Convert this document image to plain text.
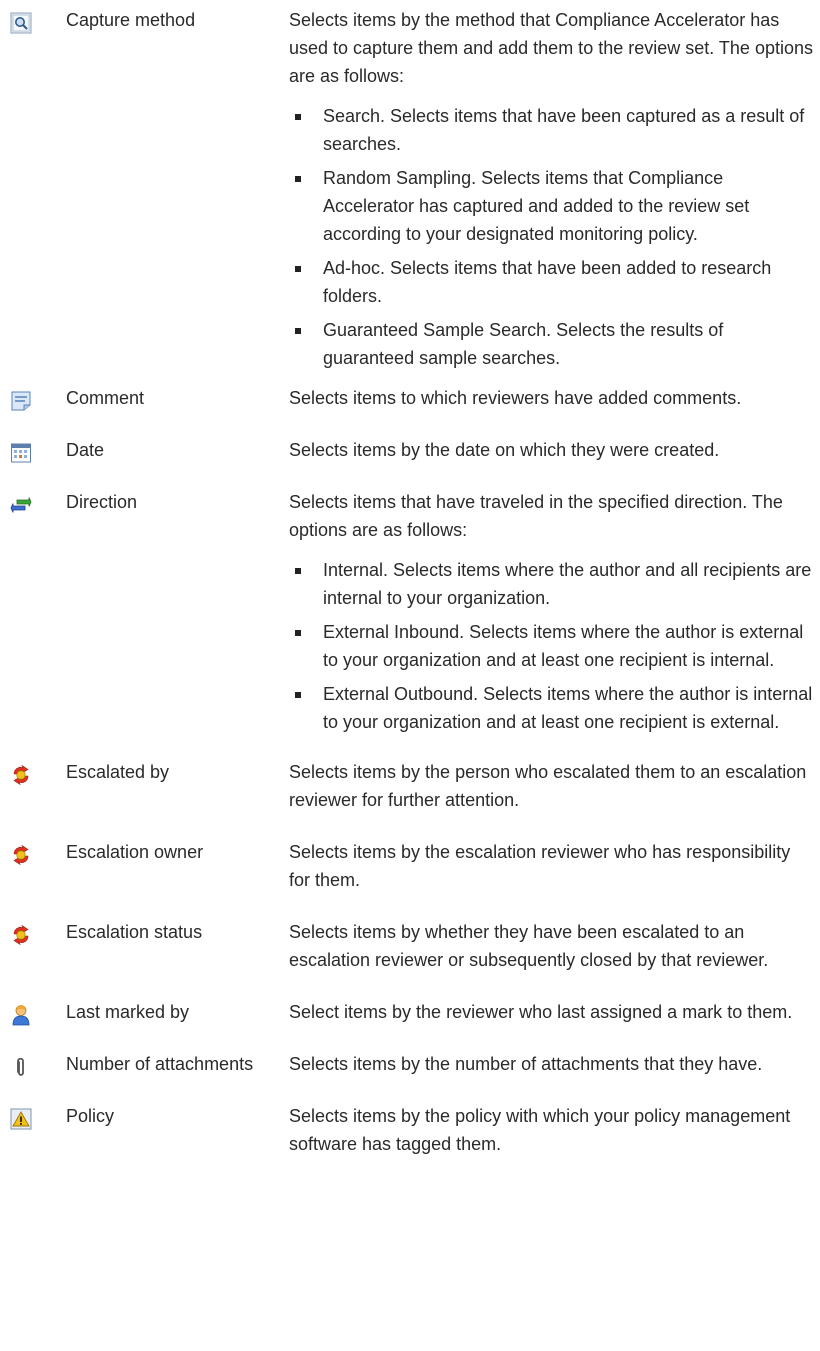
Capture method	Selects items by the method that Compliance Accelerator has used to capture them and add them to the review set. The options are as follows:

Search. Selects items that have been captured as a result of searches.
Random Sampling. Selects items that Compliance Accelerator has captured and added to the review set according to your designated monitoring policy.
Ad-hoc. Selects items that have been added to research folders.
Guaranteed Sample Search. Selects the results of guaranteed sample searches.
Comment	Selects items to which reviewers have added comments.

Date	Selects items by the date on which they were created.

Direction	Selects items that have traveled in the specified direction. The options are as follows:

Internal. Selects items where the author and all recipients are internal to your organization.
External Inbound. Selects items where the author is external to your organization and at least one recipient is internal.
External Outbound. Selects items where the author is internal to your organization and at least one recipient is external.
Escalated by	Selects items by the person who escalated them to an escalation reviewer for further attention.

Escalation owner	Selects items by the escalation reviewer who has responsibility for them.

Escalation status	Selects items by whether they have been escalated to an escalation reviewer or subsequently closed by that reviewer.

Last marked by	Select items by the reviewer who last assigned a mark to them.

Number of attachments	Selects items by the number of attachments that they have.

Policy	Selects items by the policy with which your policy management software has tagged them.
